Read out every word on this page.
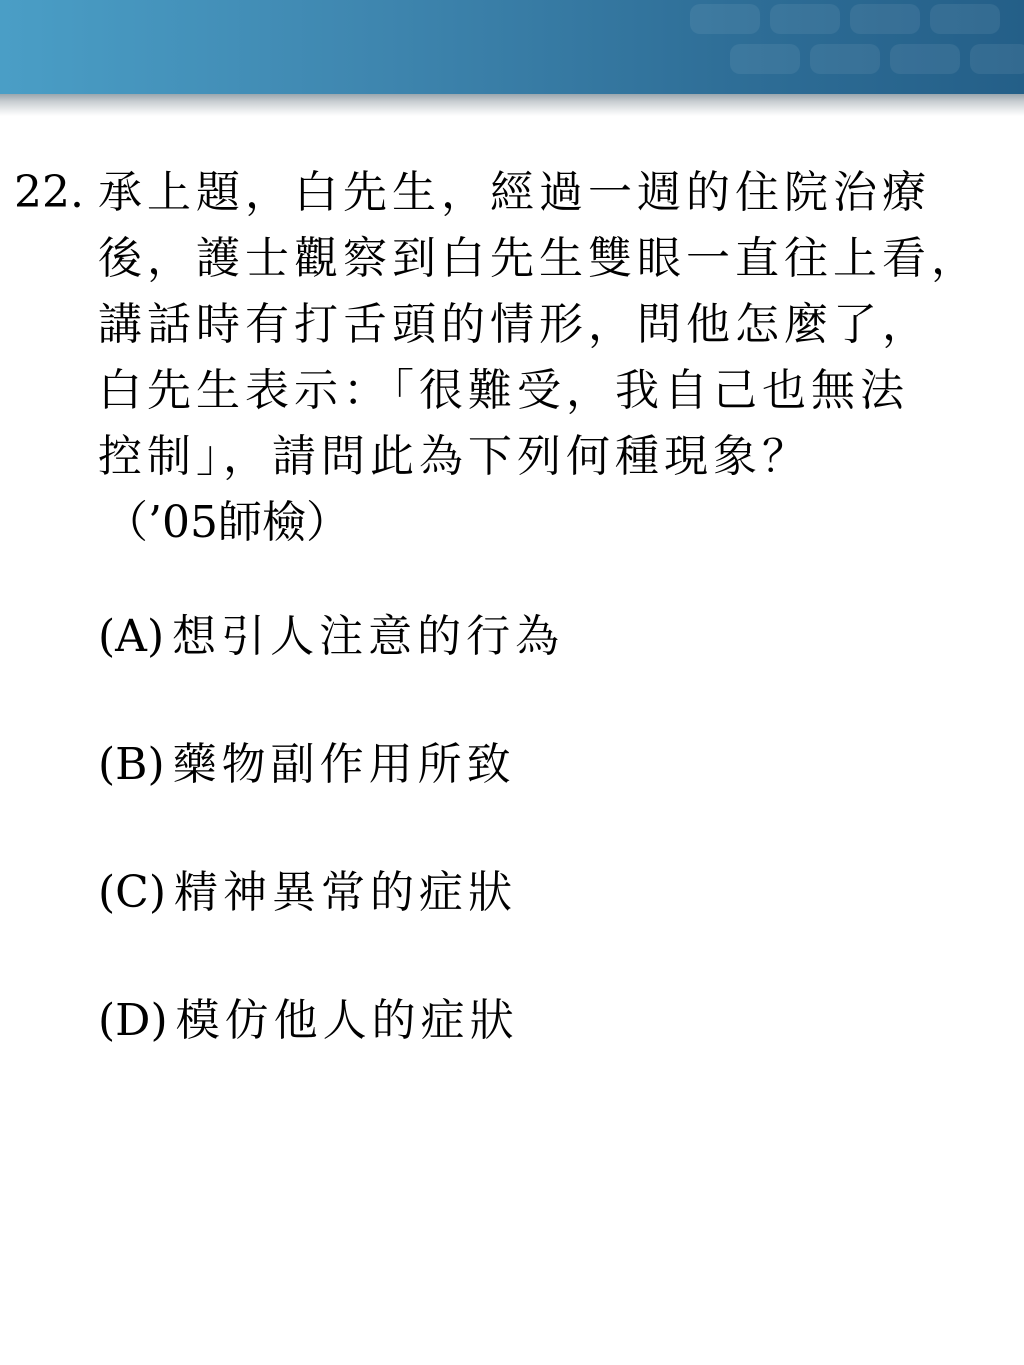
22. 承上題，白先生，經過一週的住院治療
後，護士觀察到白先生雙眼一直往上看，
講話時有打舌頭的情形，問他怎麼了，
白先生表示：「很難受，我自己也無法
控制」，請問此為下列何種現象？
（’05師檢）
(A) 想引人注意的行為
(B) 藥物副作用所致
(C) 精神異常的症狀
(D) 模仿他人的症狀
